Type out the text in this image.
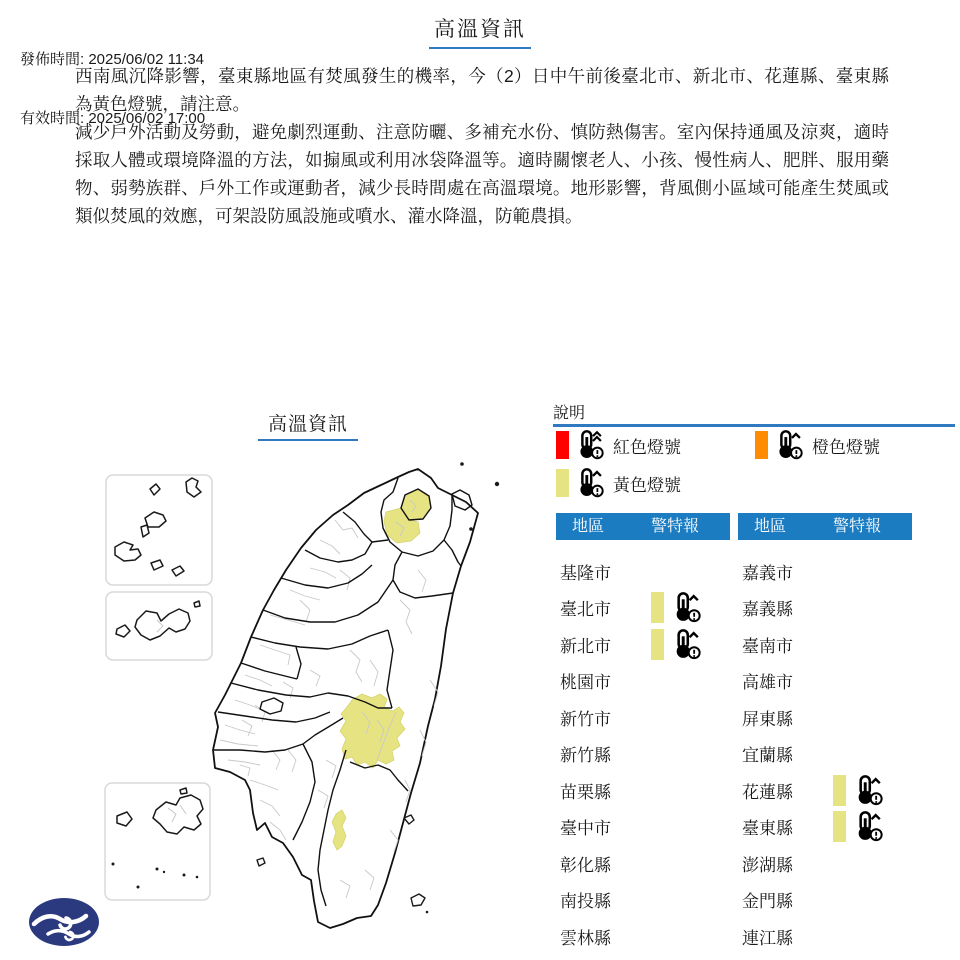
發佈時間: 2025/06/02 11:34

有效時間: 2025/06/02 17:00

高溫資訊

西南風沉降影響，臺東縣地區有焚風發生的機率，今（2）日中午前後臺北市、新北市、花蓮縣、臺東縣為黃色燈號，請注意。

減少戶外活動及勞動，避免劇烈運動、注意防曬、多補充水份、慎防熱傷害。室內保持通風及涼爽，適時採取人體或環境降溫的方法，如搧風或利用冰袋降溫等。適時關懷老人、小孩、慢性病人、肥胖、服用藥物、弱勢族群、戶外工作或運動者，減少長時間處在高溫環境。地形影響，背風側小區域可能產生焚風或類似焚風的效應，可架設防風設施或噴水、灌水降溫，防範農損。

高溫資訊
說明
紅色燈號	橙色燈號
黃色燈號
地區	警特報
基隆市
臺北市
新北市
桃園市
新竹市
新竹縣
苗栗縣
臺中市
彰化縣
南投縣
雲林縣
地區	警特報
嘉義市
嘉義縣
臺南市
高雄市
屏東縣
宜蘭縣
花蓮縣
臺東縣
澎湖縣
金門縣
連江縣
